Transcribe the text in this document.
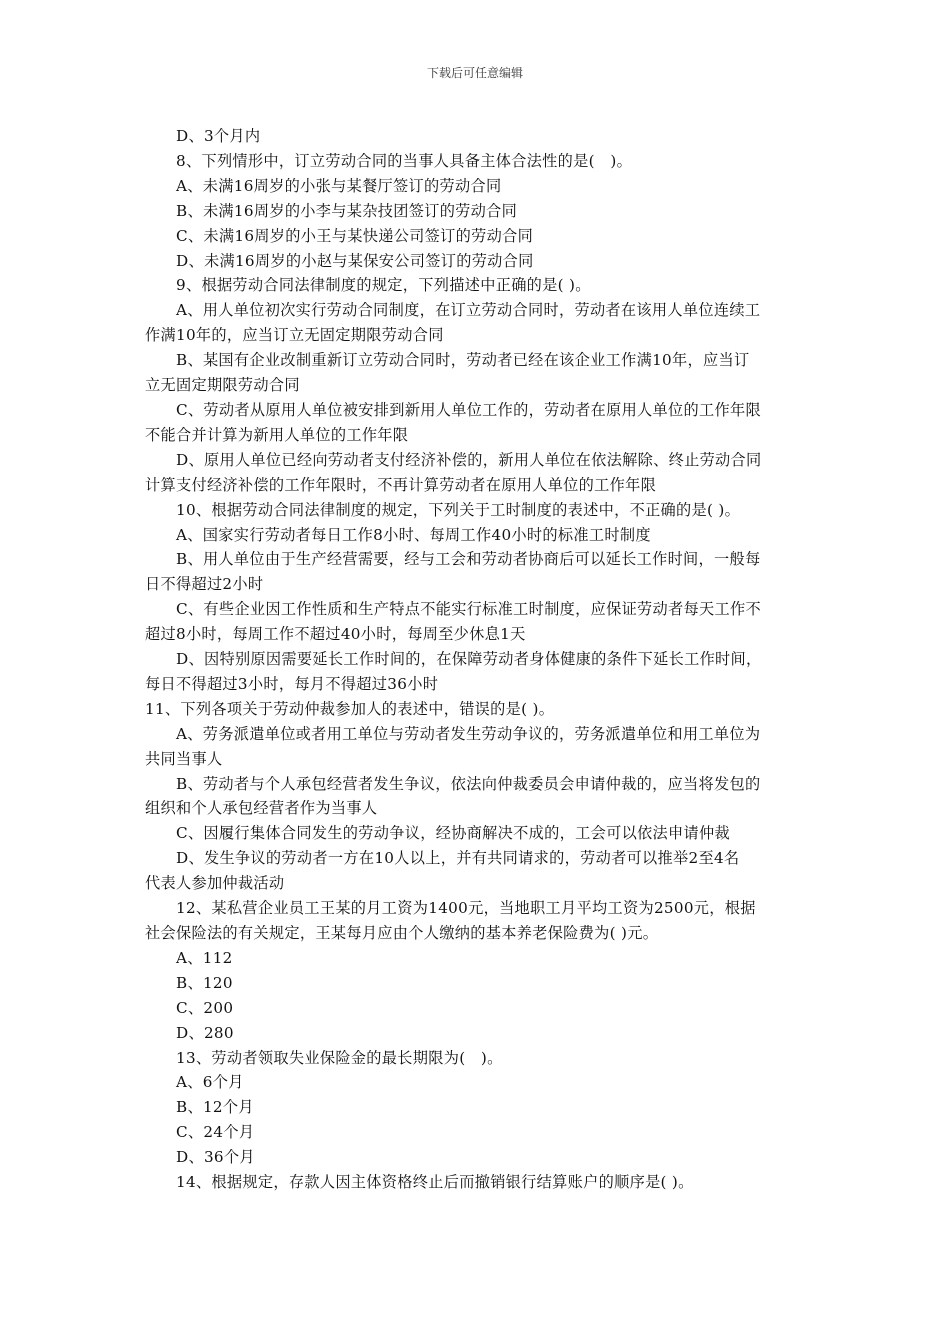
下载后可任意编辑

D、3个月内

8、下列情形中，订立劳动合同的当事人具备主体合法性的是(　)。

A、未满16周岁的小张与某餐厅签订的劳动合同

B、未满16周岁的小李与某杂技团签订的劳动合同

C、未满16周岁的小王与某快递公司签订的劳动合同

D、未满16周岁的小赵与某保安公司签订的劳动合同

9、根据劳动合同法律制度的规定，下列描述中正确的是( )。

A、用人单位初次实行劳动合同制度，在订立劳动合同时，劳动者在该用人单位连续工

作满10年的，应当订立无固定期限劳动合同

B、某国有企业改制重新订立劳动合同时，劳动者已经在该企业工作满10年，应当订

立无固定期限劳动合同

C、劳动者从原用人单位被安排到新用人单位工作的，劳动者在原用人单位的工作年限

不能合并计算为新用人单位的工作年限

D、原用人单位已经向劳动者支付经济补偿的，新用人单位在依法解除、终止劳动合同

计算支付经济补偿的工作年限时，不再计算劳动者在原用人单位的工作年限

10、根据劳动合同法律制度的规定，下列关于工时制度的表述中，不正确的是( )。

A、国家实行劳动者每日工作8小时、每周工作40小时的标准工时制度

B、用人单位由于生产经营需要，经与工会和劳动者协商后可以延长工作时间，一般每

日不得超过2小时

C、有些企业因工作性质和生产特点不能实行标准工时制度，应保证劳动者每天工作不

超过8小时，每周工作不超过40小时，每周至少休息1天

D、因特别原因需要延长工作时间的，在保障劳动者身体健康的条件下延长工作时间，

每日不得超过3小时，每月不得超过36小时

11、下列各项关于劳动仲裁参加人的表述中，错误的是( )。

A、劳务派遣单位或者用工单位与劳动者发生劳动争议的，劳务派遣单位和用工单位为

共同当事人

B、劳动者与个人承包经营者发生争议，依法向仲裁委员会申请仲裁的，应当将发包的

组织和个人承包经营者作为当事人

C、因履行集体合同发生的劳动争议，经协商解决不成的，工会可以依法申请仲裁

D、发生争议的劳动者一方在10人以上，并有共同请求的，劳动者可以推举2至4名

代表人参加仲裁活动

12、某私营企业员工王某的月工资为1400元，当地职工月平均工资为2500元，根据

社会保险法的有关规定，王某每月应由个人缴纳的基本养老保险费为( )元。

A、112

B、120

C、200

D、280

13、劳动者领取失业保险金的最长期限为(　)。

A、6个月

B、12个月

C、24个月

D、36个月

14、根据规定，存款人因主体资格终止后而撤销银行结算账户的顺序是( )。
